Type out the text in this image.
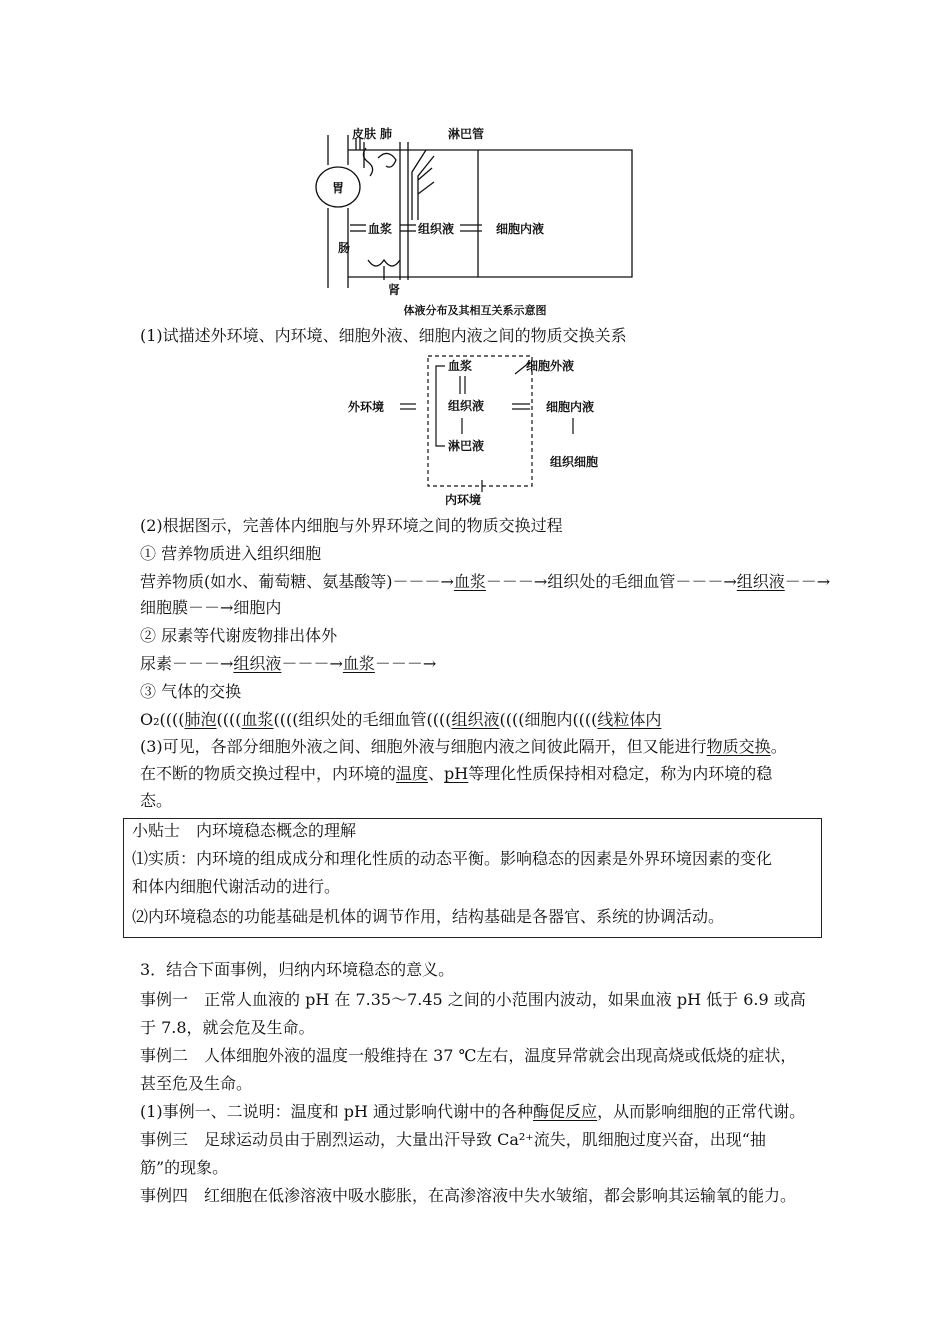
皮肤 肺	淋巴管
胃
肠
血浆 组织液	细胞内液
肾
体液分布及其相互关系示意图
(1)试描述外环境、内环境、细胞外液、细胞内液之间的物质交换关系
外环境
血浆
组织液
淋巴液
细胞外液
细胞内液
组织细胞
内环境
(2)根据图示，完善体内细胞与外界环境之间的物质交换过程
① 营养物质进入组织细胞
营养物质(如水、葡萄糖、氨基酸等)－－－→血浆－－－→组织处的毛细血管－－－→组织液－－→
细胞膜－－→细胞内
② 尿素等代谢废物排出体外
尿素－－－→组织液－－－→血浆－－－→
③ 气体的交换
O₂((((肺泡((((血浆((((组织处的毛细血管((((组织液((((细胞内((((线粒体内
(3)可见，各部分细胞外液之间、细胞外液与细胞内液之间彼此隔开，但又能进行物质交换。
在不断的物质交换过程中，内环境的温度、pH等理化性质保持相对稳定，称为内环境的稳
态。
小贴士　内环境稳态概念的理解
⑴实质：内环境的组成成分和理化性质的动态平衡。影响稳态的因素是外界环境因素的变化
和体内细胞代谢活动的进行。
⑵内环境稳态的功能基础是机体的调节作用，结构基础是各器官、系统的协调活动。
3．结合下面事例，归纳内环境稳态的意义。
事例一　正常人血液的 pH 在 7.35～7.45 之间的小范围内波动，如果血液 pH 低于 6.9 或高
于 7.8，就会危及生命。
事例二　人体细胞外液的温度一般维持在 37 ℃左右，温度异常就会出现高烧或低烧的症状，
甚至危及生命。
(1)事例一、二说明：温度和 pH 通过影响代谢中的各种酶促反应，从而影响细胞的正常代谢。
事例三　足球运动员由于剧烈运动，大量出汗导致 Ca²⁺流失，肌细胞过度兴奋，出现“抽
筋”的现象。
事例四　红细胞在低渗溶液中吸水膨胀，在高渗溶液中失水皱缩，都会影响其运输氧的能力。
